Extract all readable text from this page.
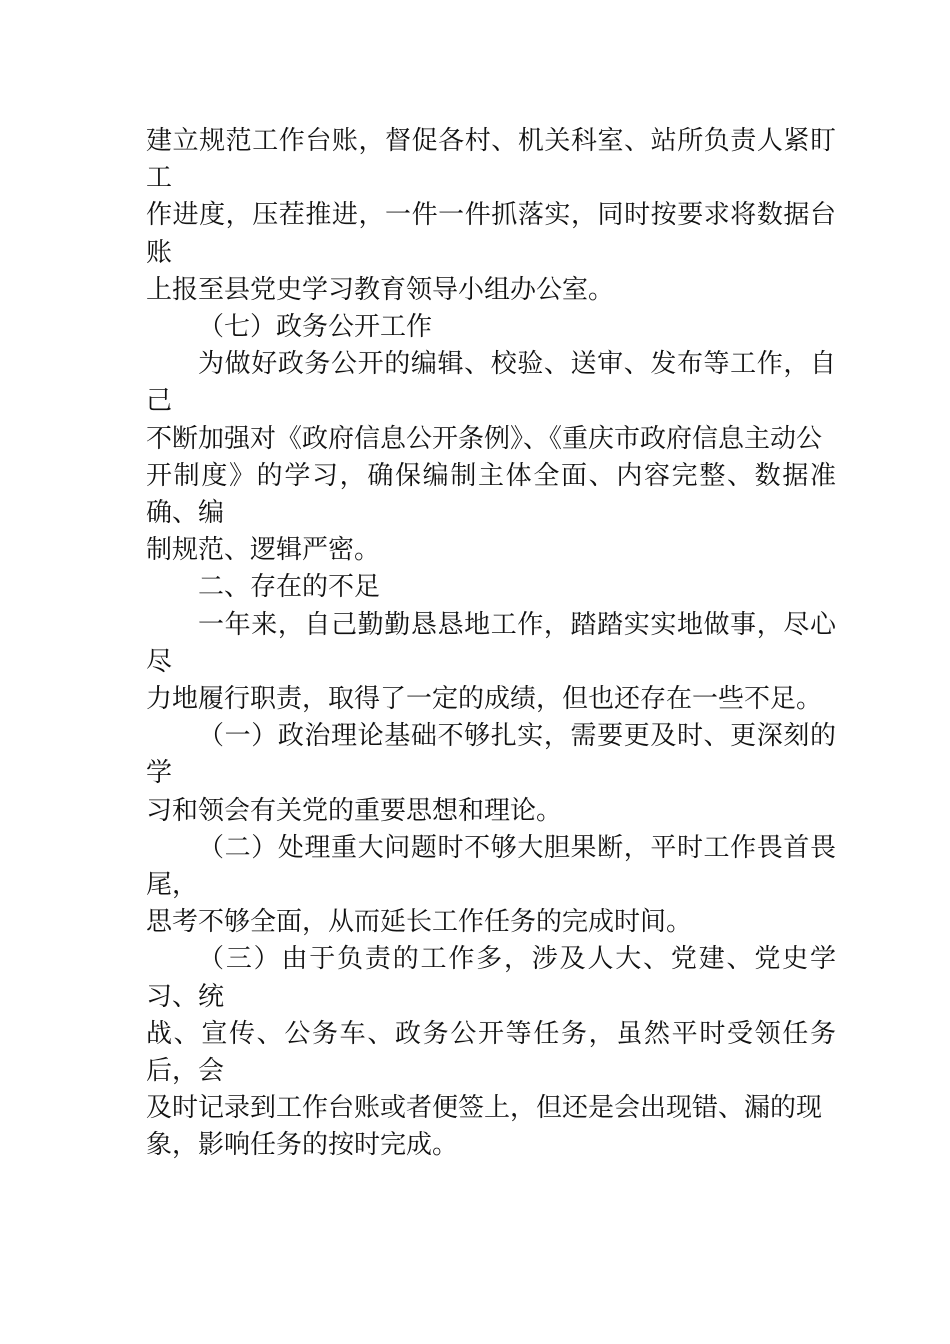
建立规范工作台账，督促各村、机关科室、站所负责人紧盯工
作进度，压茬推进，一件一件抓落实，同时按要求将数据台账
上报至县党史学习教育领导小组办公室。

（七）政务公开工作

为做好政务公开的编辑、校验、送审、发布等工作，自己
不断加强对《政府信息公开条例》、《重庆市政府信息主动公
开制度》的学习，确保编制主体全面、内容完整、数据准确、编
制规范、逻辑严密。

二、存在的不足

一年来，自己勤勤恳恳地工作，踏踏实实地做事，尽心尽
力地履行职责，取得了一定的成绩，但也还存在一些不足。

（一）政治理论基础不够扎实，需要更及时、更深刻的学
习和领会有关党的重要思想和理论。

（二）处理重大问题时不够大胆果断，平时工作畏首畏尾，
思考不够全面，从而延长工作任务的完成时间。

（三）由于负责的工作多，涉及人大、党建、党史学习、统
战、宣传、公务车、政务公开等任务，虽然平时受领任务后，会
及时记录到工作台账或者便签上，但还是会出现错、漏的现
象，影响任务的按时完成。
